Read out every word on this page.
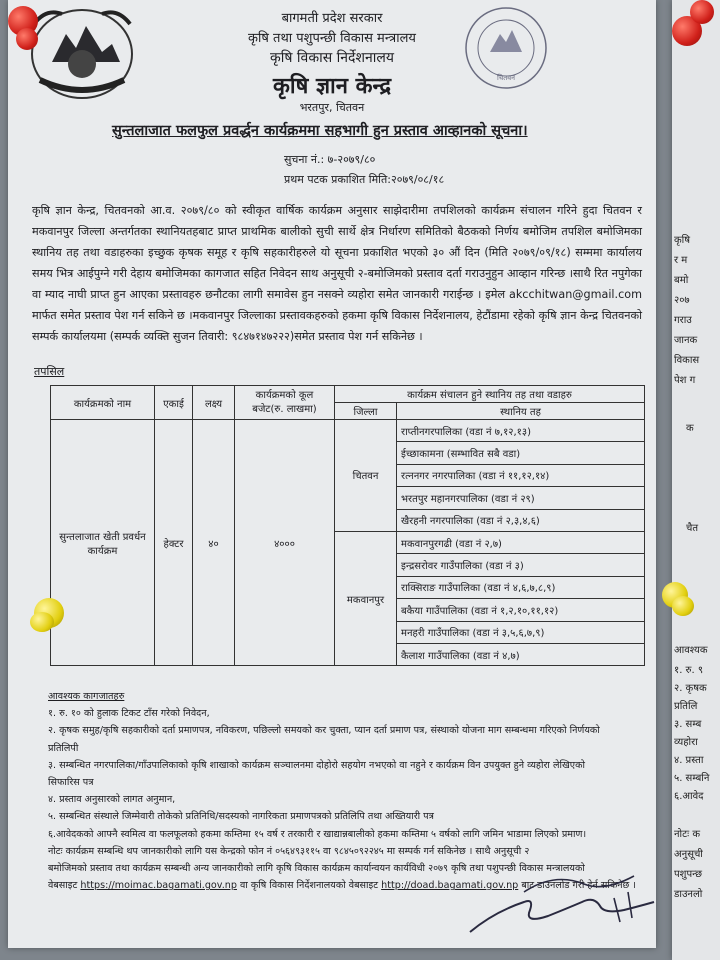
चितवन
बागमती प्रदेश सरकार
कृषि तथा पशुपन्छी विकास मन्त्रालय
कृषि विकास निर्देशनालय
कृषि ज्ञान केन्द्र
भरतपुर, चितवन
सुन्तलाजात फलफुल प्रवर्द्धन कार्यक्रममा सहभागी हुन प्रस्ताव आव्हानको सूचना।
सुचना नं.: ७-२०७९/८०
प्रथम पटक प्रकाशित मिति:२०७९/०८/१८

कृषि ज्ञान केन्द्र, चितवनको आ.व. २०७९/८० को स्वीकृत वार्षिक कार्यक्रम अनुसार साझेदारीमा तपशिलको कार्यक्रम संचालन गरिने हुदा चितवन र मकवानपुर जिल्ला अन्तर्गतका स्थानियतहबाट प्राप्त प्राथमिक बालीको सुची सार्थे क्षेत्र निर्धारण समितिको बैठकको निर्णय बमोजिम तपशिल बमोजिमका स्थानिय तह तथा वडाहरुका इच्छुक कृषक समूह र कृषि सहकारीहरुले यो सूचना प्रकाशित भएको ३० औं दिन (मिति २०७९/०९/१८) सम्ममा कार्यालय समय भित्र आईपुग्ने गरी देहाय बमोजिमका कागजात सहित निवेदन साथ अनुसूची २-बमोजिमको प्रस्ताव दर्ता गराउनुहुन आव्हान गरिन्छ ।साथै रित नपुगेका वा म्याद नाघी प्राप्त हुन आएका प्रस्तावहरु छनौटका लागी समावेस हुन नसक्ने व्यहोरा समेत जानकारी गराईन्छ । इमेल akcchitwan@gmail.com मार्फत समेत प्रस्ताव पेश गर्न सकिने छ ।मकवानपुर जिल्लाका प्रस्तावकहरुको हकमा कृषि विकास निर्देशनालय, हेटौंडामा रहेको कृषि ज्ञान केन्द्र चितवनको सम्पर्क कार्यालयमा (सम्पर्क व्यक्ति सुजन तिवारी: ९८४७१४७२२२)समेत प्रस्ताव पेश गर्न सकिनेछ ।

तपसिल
कार्यक्रमको नाम	एकाई	लक्ष्य	कार्यक्रमको कूल बजेट(रु. लाखमा)	कार्यक्रम संचालन हुने स्थानिय तह तथा वडाहरु	
				जिल्ला	स्थानिय तह
सुन्तलाजात खेती प्रवर्धन कार्यक्रम	हेक्टर	४०	४०००	चितवन	राप्तीनगरपालिका (वडा नं ७,१२,१३)
					ईच्छाकामना (सम्भावित सबै वडा)
					रत्ननगर नगरपालिका (वडा नं ११,१२,१४)
					भरतपुर महानगरपालिका (वडा नं २९)
					खैरहनी नगरपालिका (वडा नं २,३,४,६)
				मकवानपुर	मकवानपुरगढी (वडा नं २,७)
					इन्द्रसरोवर गाउँपालिका (वडा नं ३)
					राक्सिराङ गाउँपालिका (वडा नं ४,६,७,८,९)
					बकैया गाउँपालिका (वडा नं १,२,१०,११,१२)
					मनहरी गाउँपालिका (वडा नं ३,५,६,७,९)
					कैलाश गाउँपालिका (वडा नं ४,७)
आवश्यक कागजातहरु
१. रु. १० को हुलाक टिकट टाँस गरेको निवेदन,
२. कृषक समुह/कृषि सहकारीको दर्ता प्रमाणपत्र, नविकरण, पछिल्लो समयको कर चुक्ता, प्यान दर्ता प्रमाण पत्र, संस्थाको योजना माग सम्बन्धमा गरिएको निर्णयको
प्रतिलिपी
३. सम्बन्धित नगरपालिका/गाँउपालिकाको कृषि शाखाको कार्यक्रम सञ्चालनमा दोहोरो सहयोग नभएको वा नहुने र कार्यक्रम विन उपयुक्त हुने व्यहोरा लेखिएको
सिफारिस पत्र
४. प्रस्ताव अनुसारको लागत अनुमान,
५. सम्बन्धित संस्थाले जिम्मेवारी तोकेको प्रतिनिधि/सदस्यको नागरिकता प्रमाणपत्रको प्रतिलिपि तथा अख्तियारी पत्र
६.आवेदकको आफ्नै स्वमित्व वा फलफूलको हकमा कम्तिमा १५ वर्ष र तरकारी र खाद्यान्नबालीको हकमा कम्तिमा ५ वर्षको लागि जमिन भाडामा लिएको प्रमाण।
नोटः कार्यक्रम सम्बन्धि थप जानकारीको लागि यस केन्द्रको फोन नं ०५६४९३११५ वा ९८४५०९२२४५ मा सम्पर्क गर्न सकिनेछ । साथै अनुसूची २
बमोजिमको प्रस्ताव तथा कार्यक्रम सम्बन्धी अन्य जानकारीको लागि कृषि विकास कार्यक्रम कार्यान्वयन कार्यविधी २०७९ कृषि तथा पशुपन्छी विकास मन्त्रालयको
वेबसाइट https://moimac.bagamati.gov.np वा कृषि विकास निर्देशनालयको वेबसाइट http://doad.bagamati.gov.np बाट डाउनलोड गरी हेर्न सकिनेछ ।
कृषि
र म
बमो
२०७
गराउ
जानक
विकास
पेश ग
क
चैत
आवश्यक
१. रु. ९
२. कृषक
प्रतिलि
३. सम्ब
व्यहोरा
४. प्रस्ता
५. सम्बनि
६.आवेद
नोटः क
अनुसूची
पशुपन्छ
डाउनलो
